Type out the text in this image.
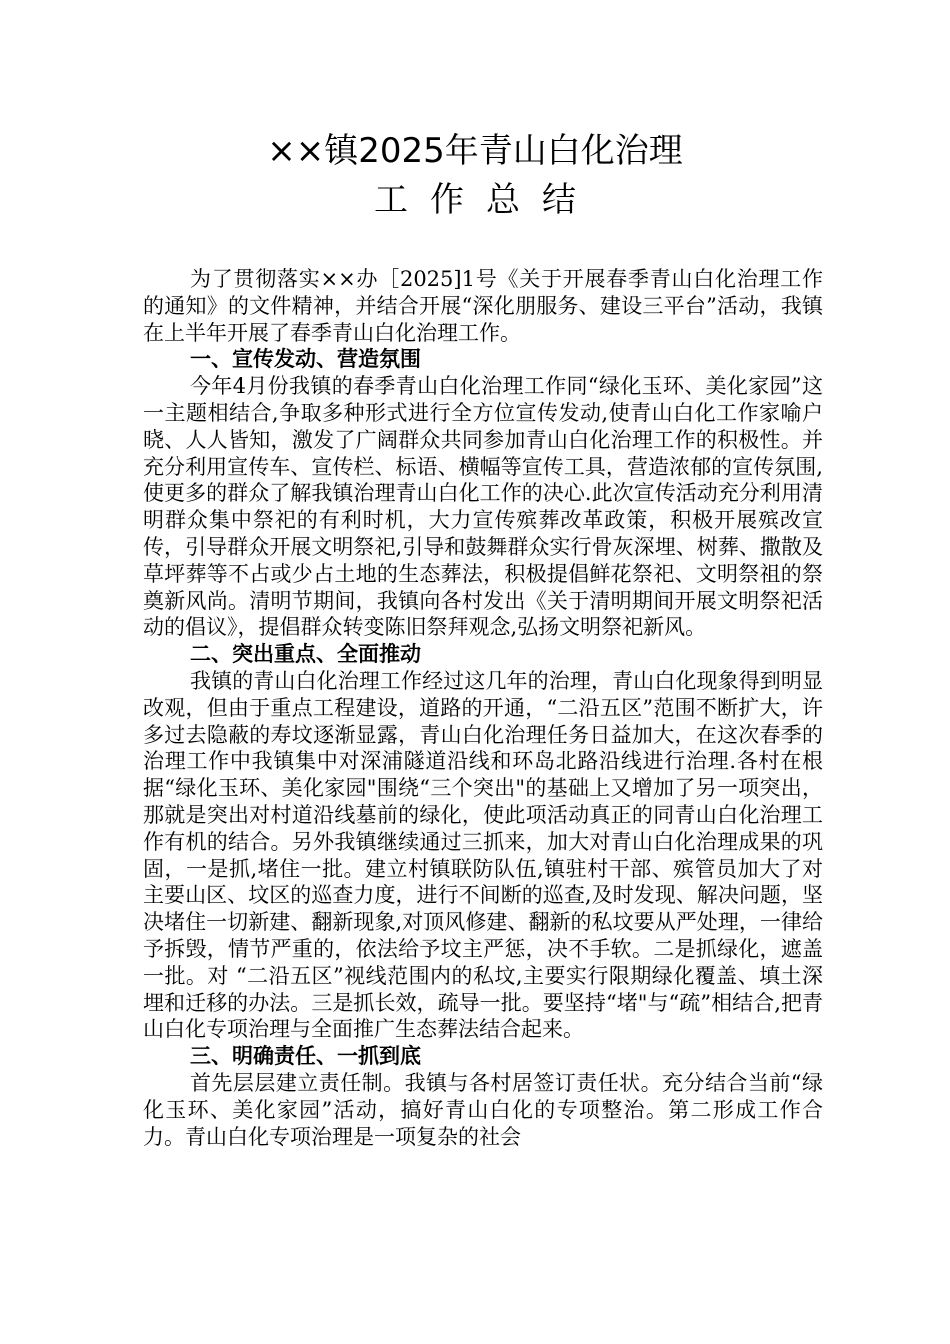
××镇2025年青山白化治理
工作总结

为了贯彻落实××办［2025]1号《关于开展春季青山白化治理工作的通知》的文件精神，并结合开展“深化朋服务、建设三平台”活动，我镇在上半年开展了春季青山白化治理工作。

一、宣传发动、营造氛围

今年4月份我镇的春季青山白化治理工作同“绿化玉环、美化家园”这一主题相结合,争取多种形式进行全方位宣传发动,使青山白化工作家喻户晓、人人皆知，激发了广阔群众共同参加青山白化治理工作的积极性。并充分利用宣传车、宣传栏、标语、横幅等宣传工具，营造浓郁的宣传氛围,使更多的群众了解我镇治理青山白化工作的决心.此次宣传活动充分利用清明群众集中祭祀的有利时机，大力宣传殡葬改革政策，积极开展殡改宣传，引导群众开展文明祭祀,引导和鼓舞群众实行骨灰深埋、树葬、撒散及草坪葬等不占或少占土地的生态葬法，积极提倡鲜花祭祀、文明祭祖的祭奠新风尚。清明节期间，我镇向各村发出《关于清明期间开展文明祭祀活动的倡议》，提倡群众转变陈旧祭拜观念,弘扬文明祭祀新风。

二、突出重点、全面推动

我镇的青山白化治理工作经过这几年的治理，青山白化现象得到明显改观，但由于重点工程建设，道路的开通，“二沿五区”范围不断扩大，许多过去隐蔽的寿坟逐渐显露，青山白化治理任务日益加大，在这次春季的治理工作中我镇集中对深浦隧道沿线和环岛北路沿线进行治理.各村在根据“绿化玉环、美化家园"围绕“三个突出"的基础上又增加了另一项突出，那就是突出对村道沿线墓前的绿化，使此项活动真正的同青山白化治理工作有机的结合。另外我镇继续通过三抓来，加大对青山白化治理成果的巩固，一是抓,堵住一批。建立村镇联防队伍,镇驻村干部、殡管员加大了对主要山区、坟区的巡查力度，进行不间断的巡查,及时发现、解决问题，坚决堵住一切新建、翻新现象,对顶风修建、翻新的私坟要从严处理，一律给予拆毁，情节严重的，依法给予坟主严惩，决不手软。二是抓绿化，遮盖一批。对 “二沿五区”视线范围内的私坟,主要实行限期绿化覆盖、填土深埋和迁移的办法。三是抓长效，疏导一批。要坚持“堵"与“疏”相结合,把青山白化专项治理与全面推广生态葬法结合起来。

三、明确责任、一抓到底

首先层层建立责任制。我镇与各村居签订责任状。充分结合当前“绿化玉环、美化家园”活动，搞好青山白化的专项整治。第二形成工作合力。青山白化专项治理是一项复杂的社会
